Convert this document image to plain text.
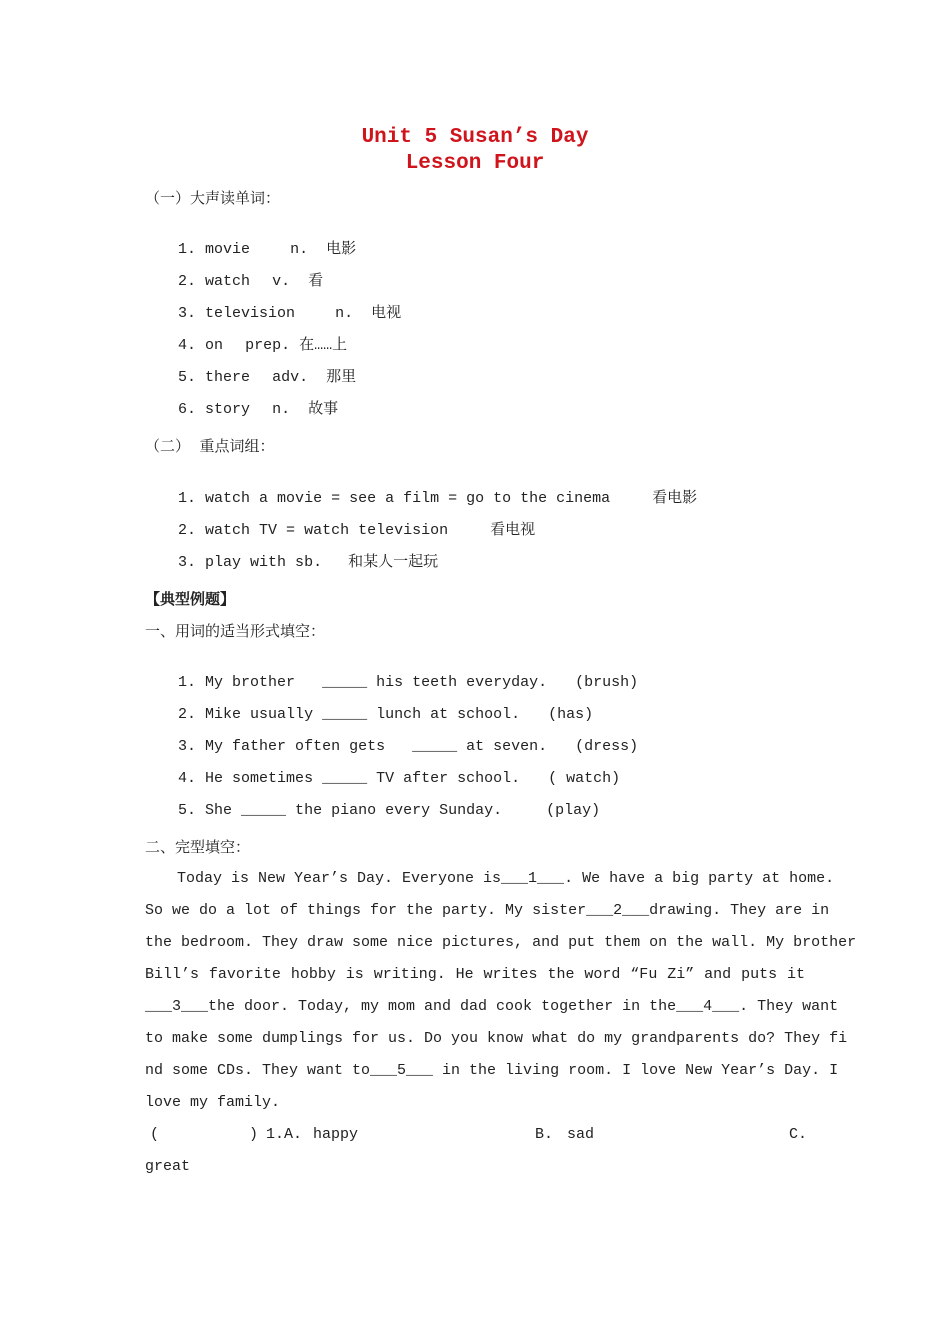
Unit 5 Susan’s Day
Lesson Four
（一）大声读单词：

1. movie	n. 电影

2. watch v. 看

3. television	n. 电视

4. on prep. 在……上

5. there adv. 那里

6. story n. 故事

（二）  重点词组：

1. watch a movie = see a film = go to the cinema	看电影

2. watch TV = watch television	看电视

3. play with sb. 和某人一起玩

【典型例题】
一、用词的适当形式填空：

1. My brother   _____ his teeth everyday. (brush)

2. Mike usually _____ lunch at school. (has)

3. My father often gets   _____ at seven. (dress)

4. He sometimes _____ TV after school. ( watch)

5. She _____ the piano every Sunday.	(play)

二、完型填空：
Today is New Year’s Day. Everyone is___1___. We have a big party at home.
So we do a lot of things for the party. My sister___2___drawing. They are in
the bedroom. They draw some nice pictures, and put them on the wall. My brother
Bill’s favorite hobby is writing. He writes the word “Fu Zi” and puts it
___3___the door. Today, my mom and dad cook together in the___4___. They want
to make some dumplings for us. Do you know what do my grandparents do? They fi
nd some CDs. They want to___5___ in the living room. I love New Year’s Day. I
love my family.
(          ) 1.A. happy	B. sad	C.
great
